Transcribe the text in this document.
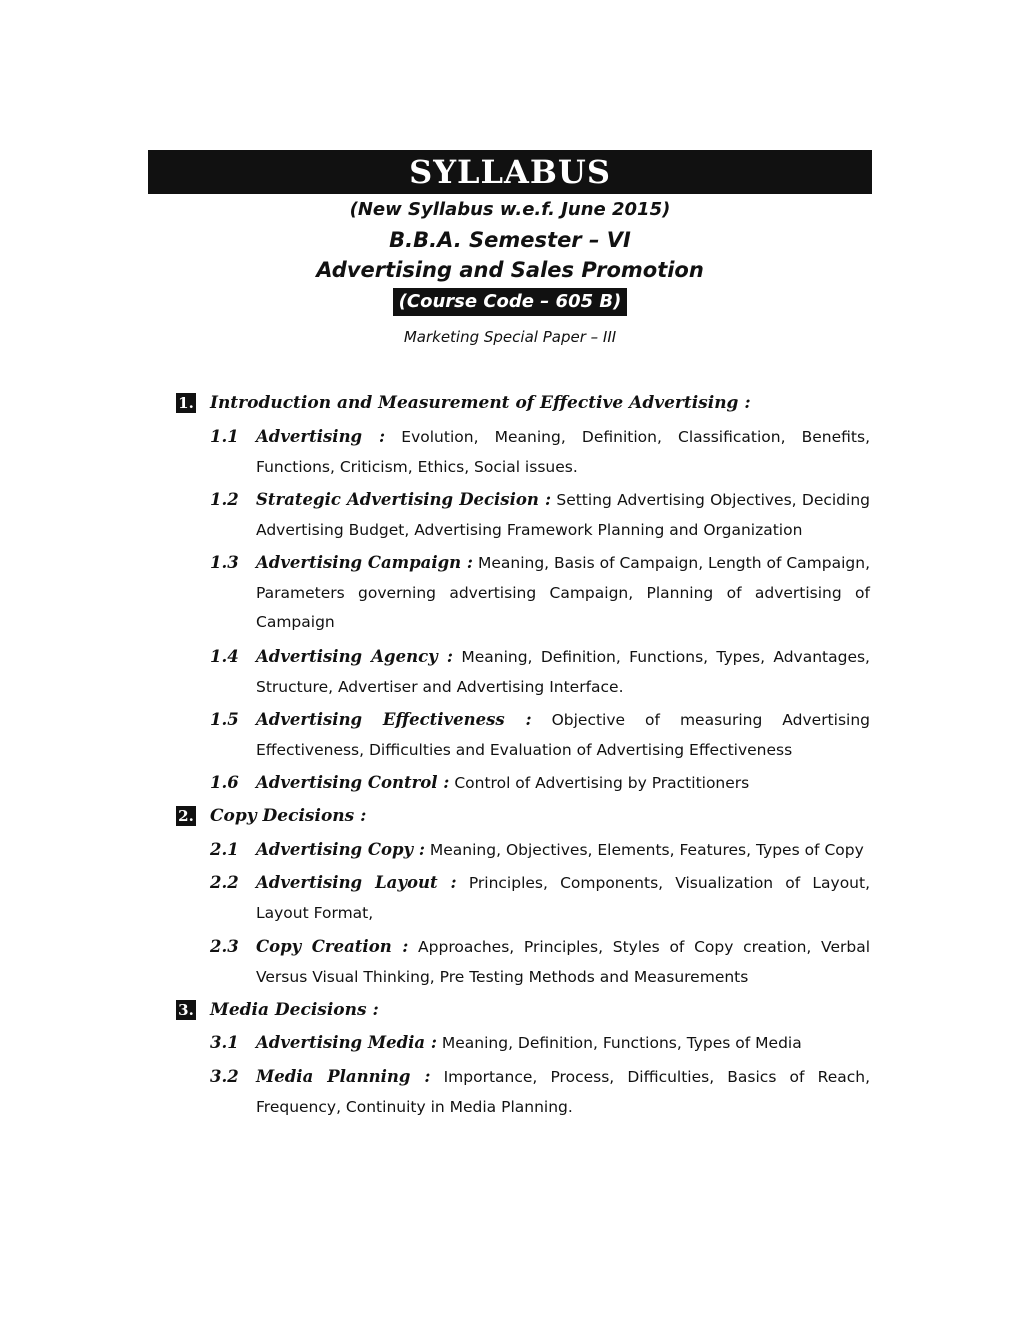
SYLLABUS
(New Syllabus w.e.f. June 2015)
B.B.A. Semester – VI
Advertising and Sales Promotion
(Course Code – 605 B)
Marketing Special Paper – III
1. Introduction and Measurement of Effective Advertising :
1.1	Advertising : Evolution, Meaning, Definition, Classification, Benefits, Functions, Criticism, Ethics, Social issues.
1.2	Strategic Advertising Decision : Setting Advertising Objectives, Deciding Advertising Budget, Advertising Framework Planning and Organization
1.3	Advertising Campaign : Meaning, Basis of Campaign, Length of Campaign, Parameters governing advertising Campaign, Planning of advertising of Campaign
1.4	Advertising Agency : Meaning, Definition, Functions, Types, Advantages, Structure, Advertiser and Advertising Interface.
1.5	Advertising Effectiveness : Objective of measuring Advertising Effectiveness, Difficulties and Evaluation of Advertising Effectiveness
1.6	Advertising Control : Control of Advertising by Practitioners
2. Copy Decisions :
2.1	Advertising Copy : Meaning, Objectives, Elements, Features, Types of Copy
2.2	Advertising Layout : Principles, Components, Visualization of Layout, Layout Format,
2.3	Copy Creation : Approaches, Principles, Styles of Copy creation, Verbal Versus Visual Thinking, Pre Testing Methods and Measurements
3. Media Decisions :
3.1	Advertising Media : Meaning, Definition, Functions, Types of Media
3.2	Media Planning : Importance, Process, Difficulties, Basics of Reach, Frequency, Continuity in Media Planning.
